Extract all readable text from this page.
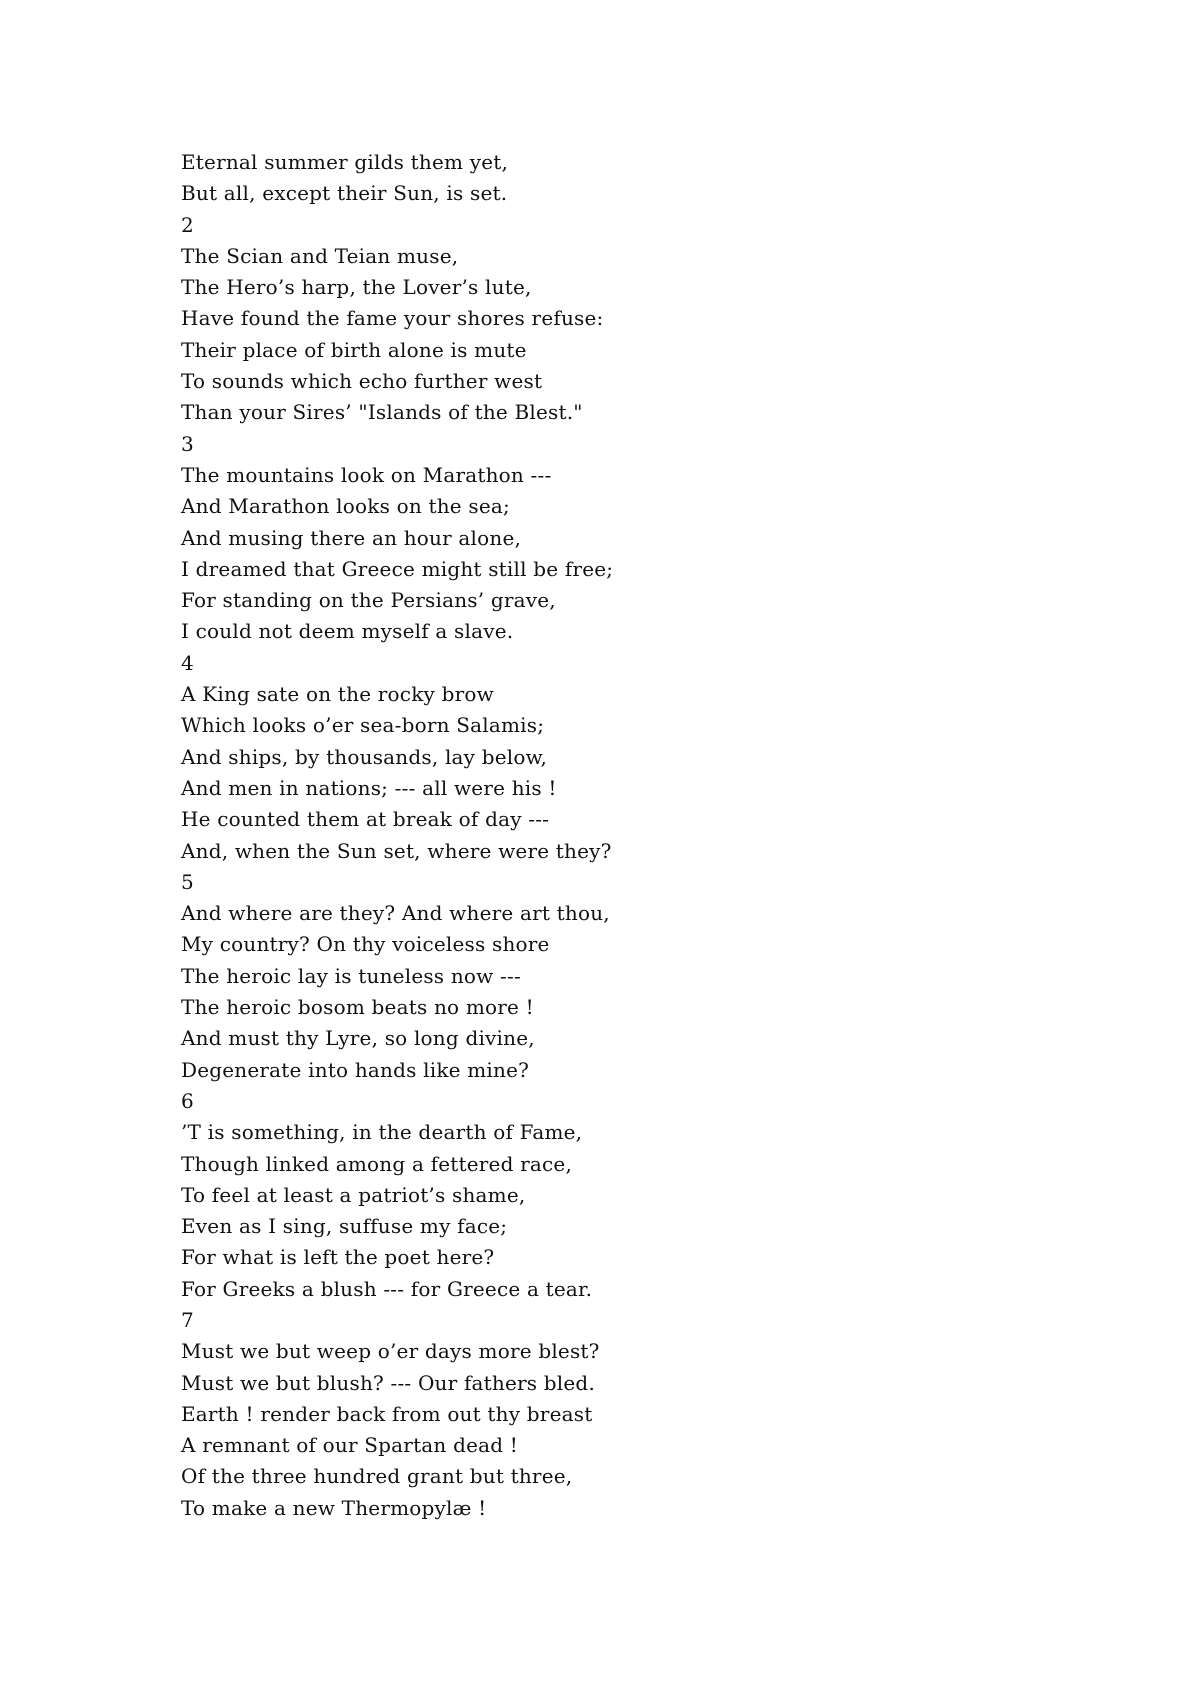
Eternal summer gilds them yet,
But all, except their Sun, is set.
2
The Scian and Teian muse,
The Hero’s harp, the Lover’s lute,
Have found the fame your shores refuse:
Their place of birth alone is mute
To sounds which echo further west
Than your Sires’ "Islands of the Blest."
3
The mountains look on Marathon ---
And Marathon looks on the sea;
And musing there an hour alone,
I dreamed that Greece might still be free;
For standing on the Persians’ grave,
I could not deem myself a slave.
4
A King sate on the rocky brow
Which looks o’er sea-born Salamis;
And ships, by thousands, lay below,
And men in nations; --- all were his !
He counted them at break of day ---
And, when the Sun set, where were they?
5
And where are they? And where art thou,
My country? On thy voiceless shore
The heroic lay is tuneless now ---
The heroic bosom beats no more !
And must thy Lyre, so long divine,
Degenerate into hands like mine?
6
’T is something, in the dearth of Fame,
Though linked among a fettered race,
To feel at least a patriot’s shame,
Even as I sing, suffuse my face;
For what is left the poet here?
For Greeks a blush --- for Greece a tear.
7
Must we but weep o’er days more blest?
Must we but blush? --- Our fathers bled.
Earth ! render back from out thy breast
A remnant of our Spartan dead !
Of the three hundred grant but three,
To make a new Thermopylæ !
